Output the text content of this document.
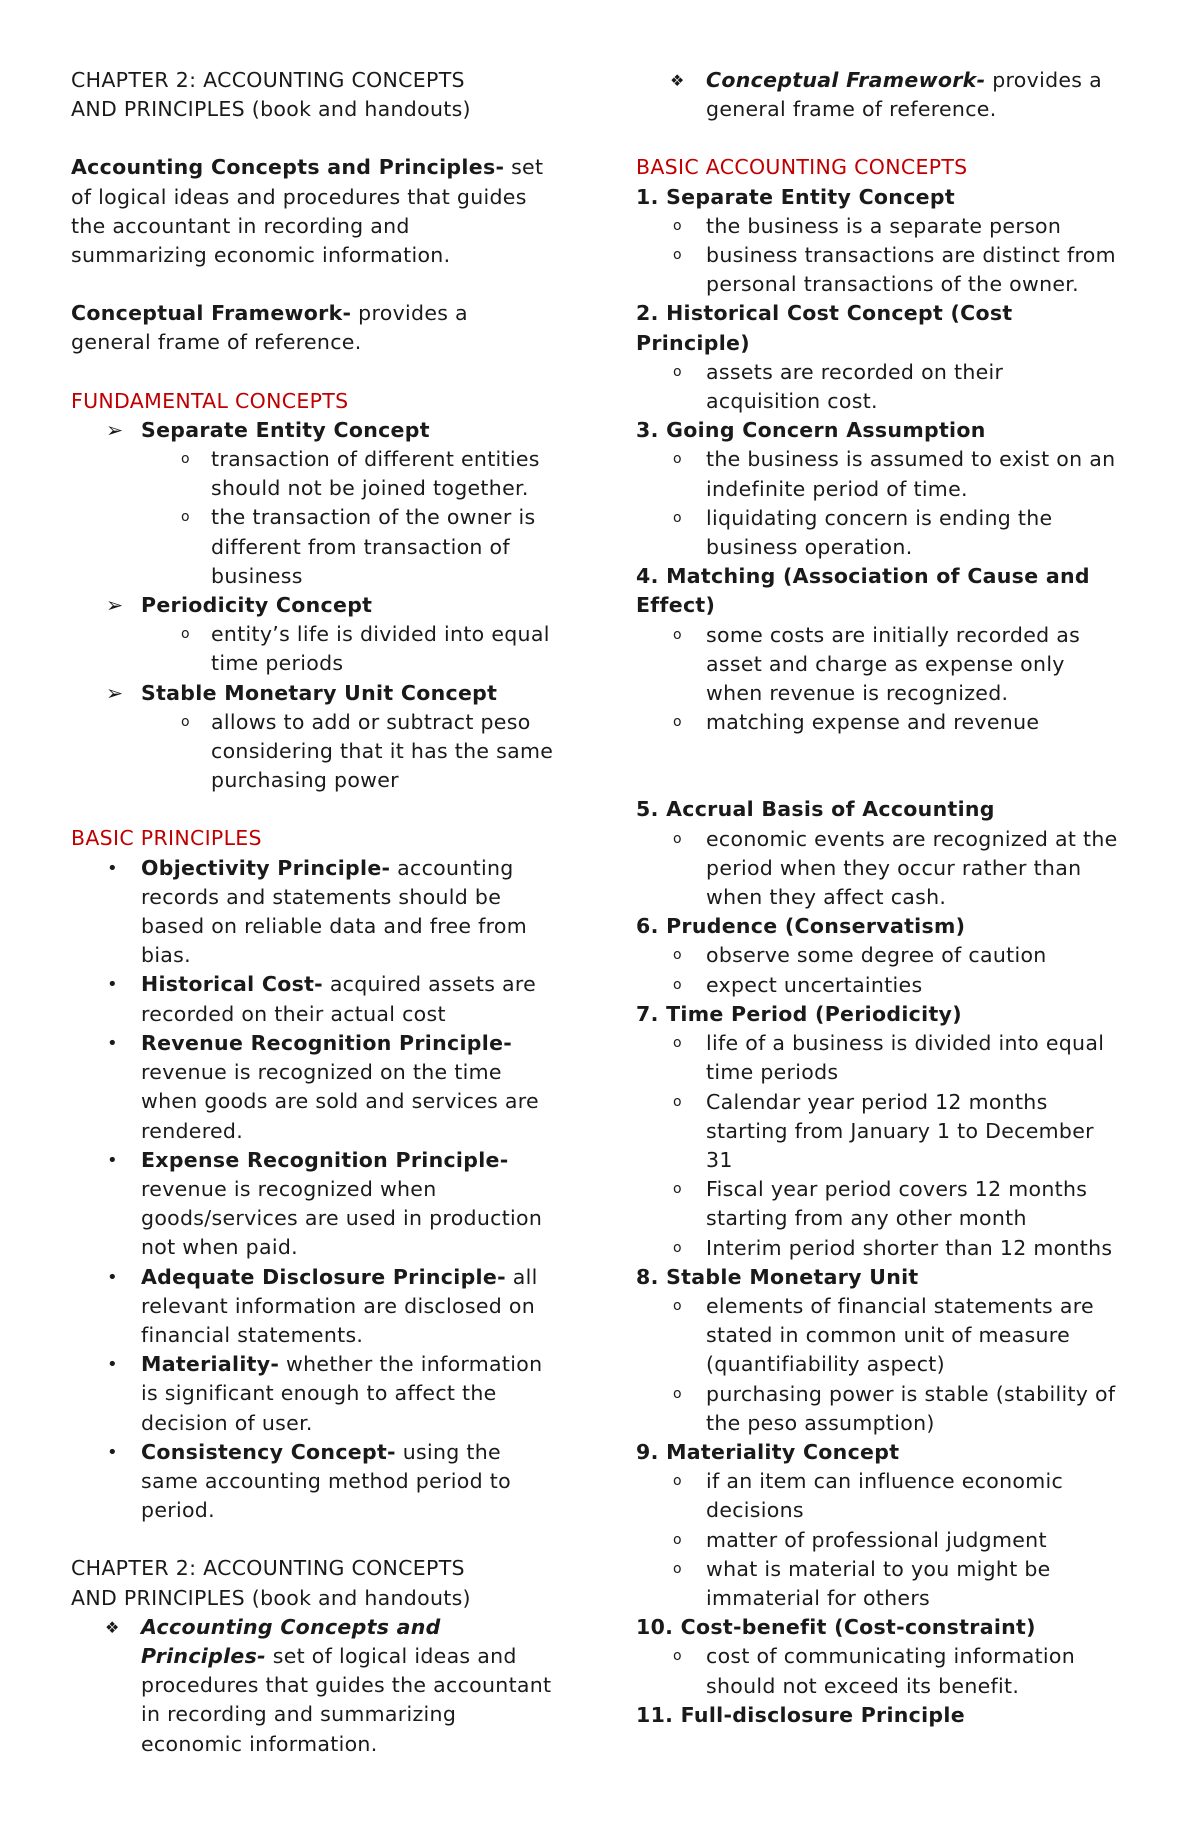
CHAPTER 2: ACCOUNTING CONCEPTS
AND PRINCIPLES (book and handouts)

Accounting Concepts and Principles- set
of logical ideas and procedures that guides
the accountant in recording and
summarizing economic information.

Conceptual Framework- provides a
general frame of reference.

FUNDAMENTAL CONCEPTS

➢ Separate Entity Concept

o transaction of different entities
should not be joined together.

o the transaction of the owner is
different from transaction of
business

➢ Periodicity Concept

o entity’s life is divided into equal
time periods

➢ Stable Monetary Unit Concept

o allows to add or subtract peso
considering that it has the same
purchasing power

BASIC PRINCIPLES

• Objectivity Principle- accounting
records and statements should be
based on reliable data and free from
bias.

• Historical Cost- acquired assets are
recorded on their actual cost

• Revenue Recognition Principle-
revenue is recognized on the time
when goods are sold and services are
rendered.

• Expense Recognition Principle-
revenue is recognized when
goods/services are used in production
not when paid.

• Adequate Disclosure Principle- all
relevant information are disclosed on
financial statements.

• Materiality- whether the information
is significant enough to affect the
decision of user.

• Consistency Concept- using the
same accounting method period to
period.

CHAPTER 2: ACCOUNTING CONCEPTS
AND PRINCIPLES (book and handouts)

❖ Accounting Concepts and
Principles- set of logical ideas and
procedures that guides the accountant
in recording and summarizing
economic information.

❖ Conceptual Framework- provides a
general frame of reference.

BASIC ACCOUNTING CONCEPTS

1. Separate Entity Concept

o the business is a separate person

o business transactions are distinct from
personal transactions of the owner.

2. Historical Cost Concept (Cost
Principle)

o assets are recorded on their
acquisition cost.

3. Going Concern Assumption

o the business is assumed to exist on an
indefinite period of time.

o liquidating concern is ending the
business operation.

4. Matching (Association of Cause and
Effect)

o some costs are initially recorded as
asset and charge as expense only
when revenue is recognized.

o matching expense and revenue

5. Accrual Basis of Accounting

o economic events are recognized at the
period when they occur rather than
when they affect cash.

6. Prudence (Conservatism)

o observe some degree of caution

o expect uncertainties

7. Time Period (Periodicity)

o life of a business is divided into equal
time periods

o Calendar year period 12 months
starting from January 1 to December
31

o Fiscal year period covers 12 months
starting from any other month

o Interim period shorter than 12 months

8. Stable Monetary Unit

o elements of financial statements are
stated in common unit of measure
(quantifiability aspect)

o purchasing power is stable (stability of
the peso assumption)

9. Materiality Concept

o if an item can influence economic
decisions

o matter of professional judgment

o what is material to you might be
immaterial for others

10. Cost-benefit (Cost-constraint)

o cost of communicating information
should not exceed its benefit.

11. Full-disclosure Principle
